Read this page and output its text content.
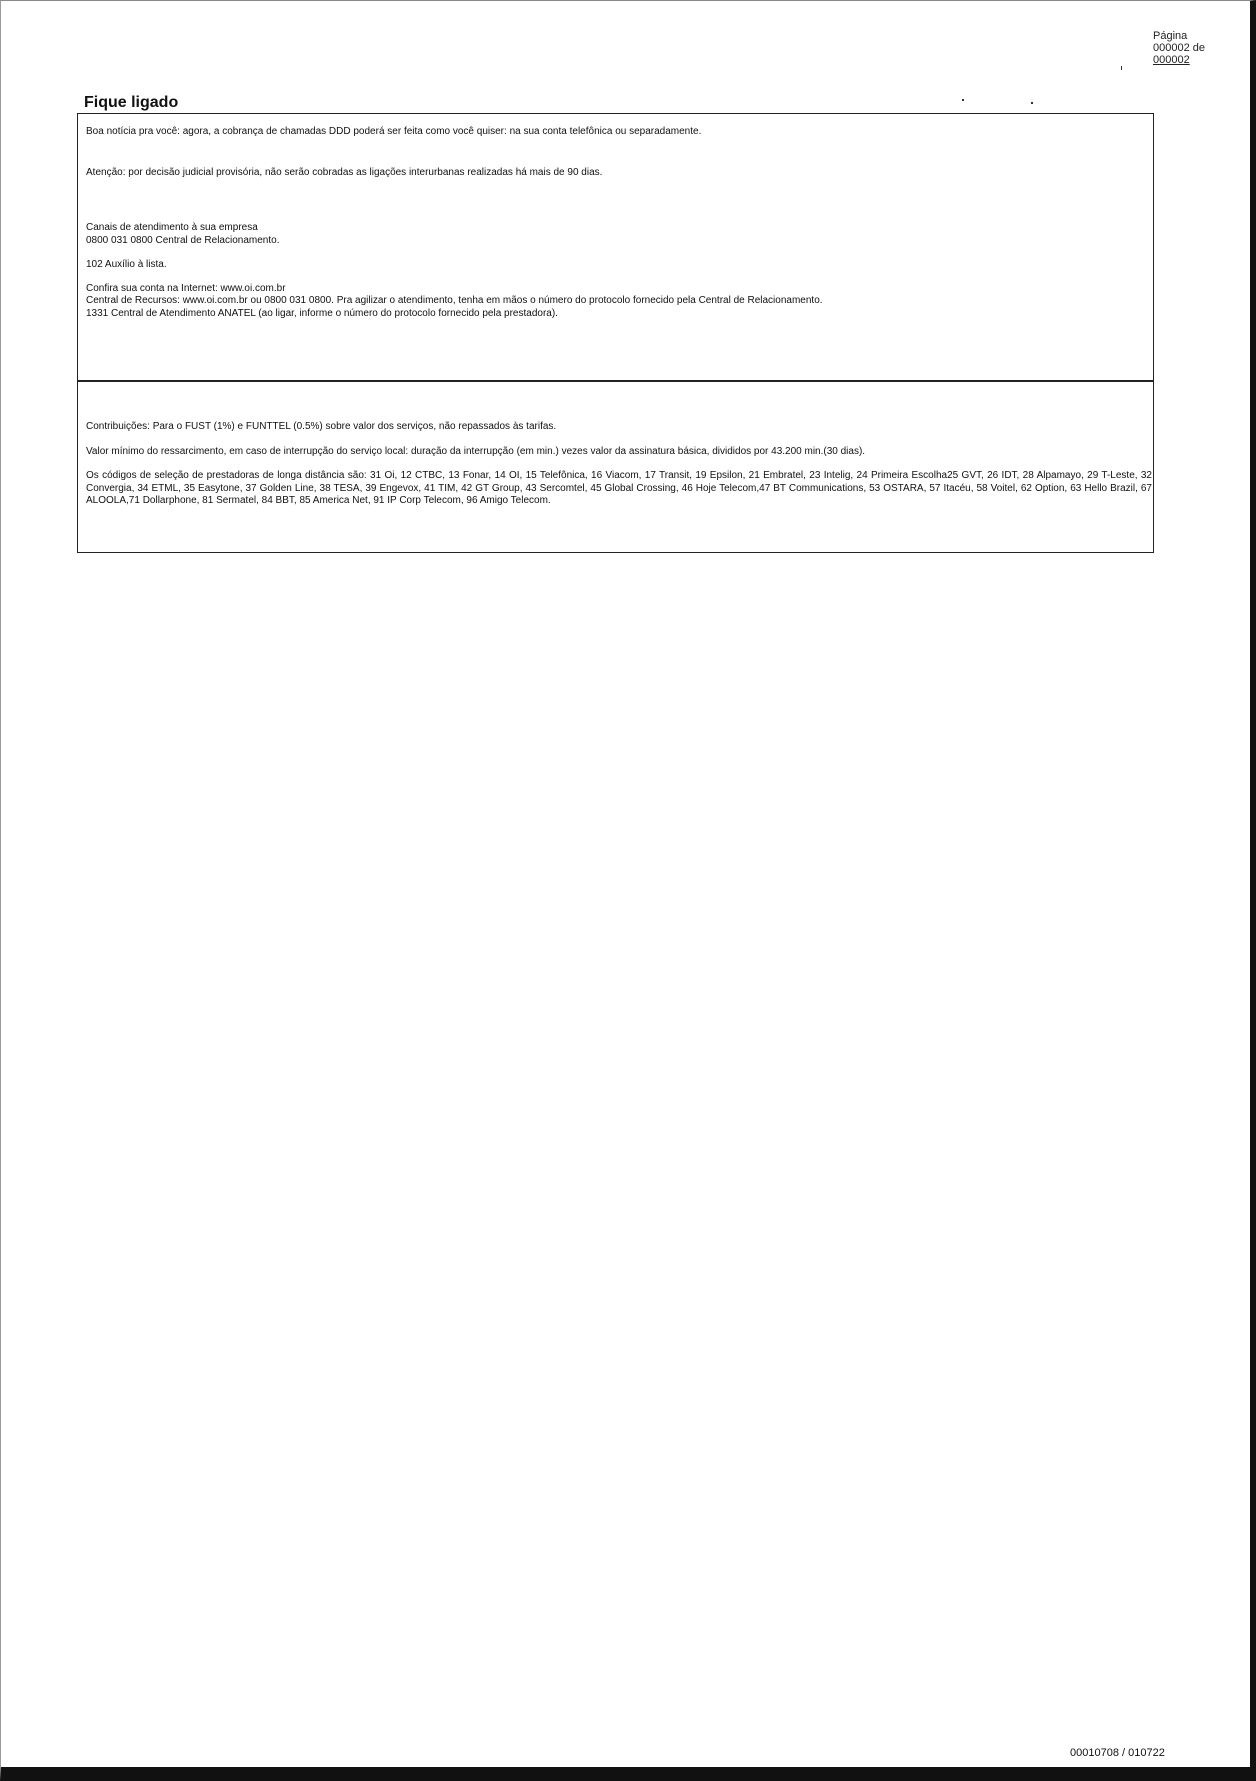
Página
000002 de
000002
Fique ligado

Boa notícia pra você: agora, a cobrança de chamadas DDD poderá ser feita como você quiser: na sua conta telefônica ou separadamente.

Atenção: por decisão judicial provisória, não serão cobradas as ligações interurbanas realizadas há mais de 90 dias.

Canais de atendimento à sua empresa

0800 031 0800 Central de Relacionamento.

102 Auxílio à lista.

Confira sua conta na Internet: www.oi.com.br

Central de Recursos: www.oi.com.br ou 0800 031 0800. Pra agilizar o atendimento, tenha em mãos o número do protocolo fornecido pela Central de Relacionamento.

1331 Central de Atendimento ANATEL (ao ligar, informe o número do protocolo fornecido pela prestadora).

Contribuições: Para o FUST (1%) e FUNTTEL (0.5%) sobre valor dos serviços, não repassados às tarifas.

Valor mínimo do ressarcimento, em caso de interrupção do serviço local: duração da interrupção (em min.) vezes valor da assinatura básica, divididos por 43.200 min.(30 dias).

Os códigos de seleção de prestadoras de longa distância são: 31 Oi, 12 CTBC, 13 Fonar, 14 OI, 15 Telefônica, 16 Viacom, 17 Transit, 19 Epsilon, 21 Embratel, 23 Intelig, 24 Primeira Escolha25 GVT, 26 IDT, 28 Alpamayo, 29 T-Leste, 32 Convergia, 34 ETML, 35 Easytone, 37 Golden Line, 38 TESA, 39 Engevox, 41 TIM, 42 GT Group, 43 Sercomtel, 45 Global Crossing, 46 Hoje Telecom,47 BT Communications, 53 OSTARA, 57 Itacéu, 58 Voitel, 62 Option, 63 Hello Brazil, 67 ALOOLA,71 Dollarphone, 81 Sermatel, 84 BBT, 85 America Net, 91 IP Corp Telecom, 96 Amigo Telecom.

00010708 / 010722
